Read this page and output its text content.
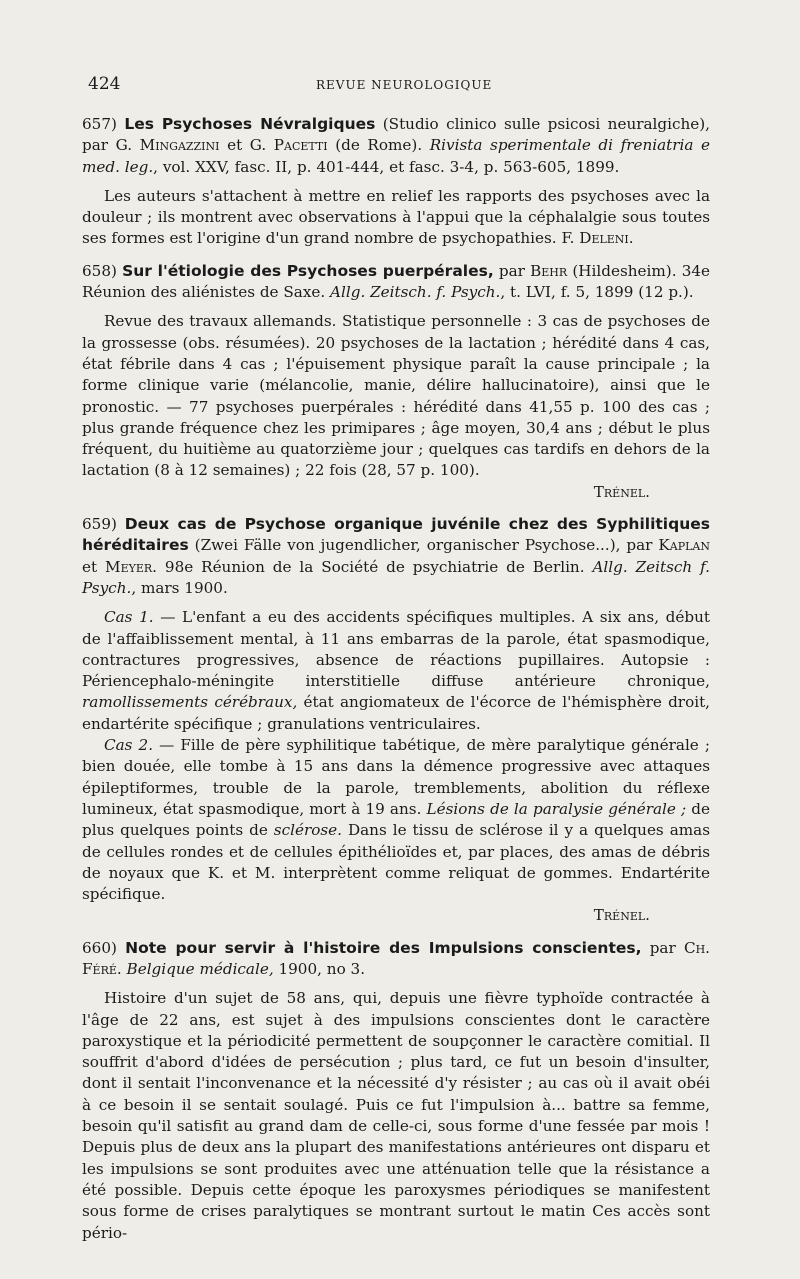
424	REVUE NEUROLOGIQUE

657) Les Psychoses Névralgiques (Studio clinico sulle psicosi neuralgiche), par G. Mingazzini et G. Pacetti (de Rome). Rivista sperimentale di freniatria e med. leg., vol. XXV, fasc. II, p. 401-444, et fasc. 3-4, p. 563-605, 1899.

Les auteurs s'attachent à mettre en relief les rapports des psychoses avec la douleur ; ils montrent avec observations à l'appui que la céphalalgie sous toutes ses formes est l'origine d'un grand nombre de psychopathies. F. Deleni.

658) Sur l'étiologie des Psychoses puerpérales, par Behr (Hildesheim). 34e Réunion des aliénistes de Saxe. Allg. Zeitsch. f. Psych., t. LVI, f. 5, 1899 (12 p.).

Revue des travaux allemands. Statistique personnelle : 3 cas de psychoses de la grossesse (obs. résumées). 20 psychoses de la lactation ; hérédité dans 4 cas, état fébrile dans 4 cas ; l'épuisement physique paraît la cause principale ; la forme clinique varie (mélancolie, manie, délire hallucinatoire), ainsi que le pronostic. — 77 psychoses puerpérales : hérédité dans 41,55 p. 100 des cas ; plus grande fréquence chez les primipares ; âge moyen, 30,4 ans ; début le plus fréquent, du huitième au quatorzième jour ; quelques cas tardifs en dehors de la lactation (8 à 12 semaines) ; 22 fois (28, 57 p. 100).

Trénel.

659) Deux cas de Psychose organique juvénile chez des Syphilitiques héréditaires (Zwei Fälle von jugendlicher, organischer Psychose...), par Kaplan et Meyer. 98e Réunion de la Société de psychiatrie de Berlin. Allg. Zeitsch f. Psych., mars 1900.

Cas 1. — L'enfant a eu des accidents spécifiques multiples. A six ans, début de l'affaiblissement mental, à 11 ans embarras de la parole, état spasmodique, contractures progressives, absence de réactions pupillaires. Autopsie : Périencephalo-méningite interstitielle diffuse antérieure chronique, ramollissements cérébraux, état angiomateux de l'écorce de l'hémisphère droit, endartérite spécifique ; granulations ventriculaires.

Cas 2. — Fille de père syphilitique tabétique, de mère paralytique générale ; bien douée, elle tombe à 15 ans dans la démence progressive avec attaques épileptiformes, trouble de la parole, tremblements, abolition du réflexe lumineux, état spasmodique, mort à 19 ans. Lésions de la paralysie générale ; de plus quelques points de sclérose. Dans le tissu de sclérose il y a quelques amas de cellules rondes et de cellules épithélioïdes et, par places, des amas de débris de noyaux que K. et M. interprètent comme reliquat de gommes. Endartérite spécifique.

Trénel.

660) Note pour servir à l'histoire des Impulsions conscientes, par Ch. Féré. Belgique médicale, 1900, no 3.

Histoire d'un sujet de 58 ans, qui, depuis une fièvre typhoïde contractée à l'âge de 22 ans, est sujet à des impulsions conscientes dont le caractère paroxystique et la périodicité permettent de soupçonner le caractère comitial. Il souffrit d'abord d'idées de persécution ; plus tard, ce fut un besoin d'insulter, dont il sentait l'inconvenance et la nécessité d'y résister ; au cas où il avait obéi à ce besoin il se sentait soulagé. Puis ce fut l'impulsion à... battre sa femme, besoin qu'il satisfit au grand dam de celle-ci, sous forme d'une fessée par mois ! Depuis plus de deux ans la plupart des manifestations antérieures ont disparu et les impulsions se sont produites avec une atténuation telle que la résistance a été possible. Depuis cette époque les paroxysmes périodiques se manifestent sous forme de crises paralytiques se montrant surtout le matin Ces accès sont pério-
